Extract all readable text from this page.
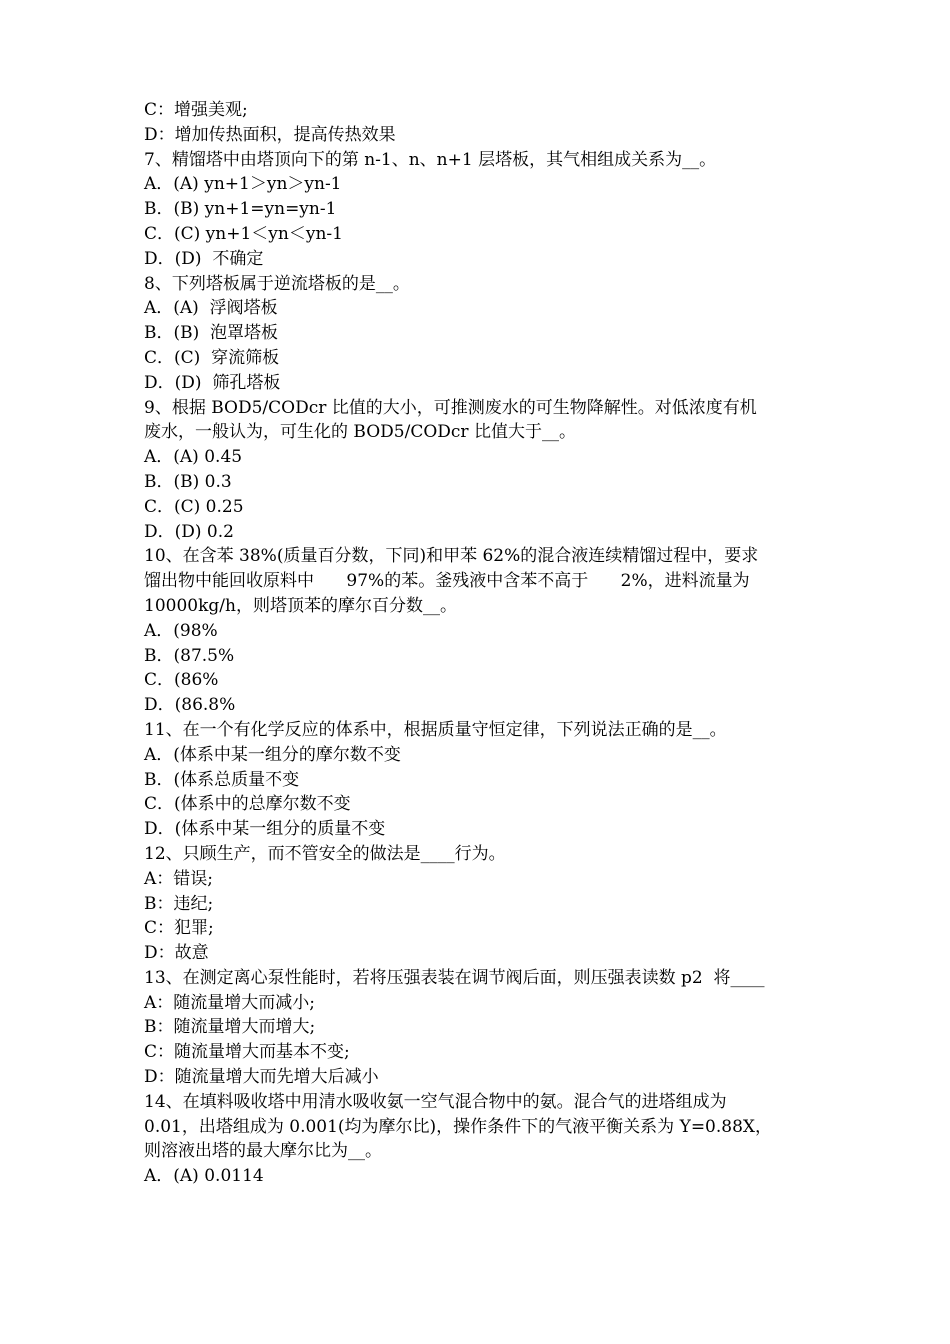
C：增强美观;
D：增加传热面积，提高传热效果
7、精馏塔中由塔顶向下的第 n-1、n、n+1 层塔板，其气相组成关系为__。
A．(A) yn+1＞yn＞yn-1
B．(B) yn+1=yn=yn-1
C．(C) yn+1＜yn＜yn-1
D．(D)  不确定
8、下列塔板属于逆流塔板的是__。
A．(A)  浮阀塔板
B．(B)  泡罩塔板
C．(C)  穿流筛板
D．(D)  筛孔塔板
9、根据 BOD5/CODcr 比值的大小，可推测废水的可生物降解性。对低浓度有机
废水，一般认为，可生化的 BOD5/CODcr 比值大于__。
A．(A) 0.45
B．(B) 0.3
C．(C) 0.25
D．(D) 0.2
10、在含苯 38%(质量百分数，下同)和甲苯 62%的混合液连续精馏过程中，要求
馏出物中能回收原料中      97%的苯。釜残液中含苯不高于      2%，进料流量为
10000kg/h，则塔顶苯的摩尔百分数__。
A．(98%
B．(87.5%
C．(86%
D．(86.8%
11、在一个有化学反应的体系中，根据质量守恒定律，下列说法正确的是__。
A．(体系中某一组分的摩尔数不变
B．(体系总质量不变
C．(体系中的总摩尔数不变
D．(体系中某一组分的质量不变
12、只顾生产，而不管安全的做法是____行为。
A：错误;
B：违纪;
C：犯罪;
D：故意
13、在测定离心泵性能时，若将压强表装在调节阀后面，则压强表读数 p2  将____
A：随流量增大而减小;
B：随流量增大而增大;
C：随流量增大而基本不变;
D：随流量增大而先增大后减小
14、在填料吸收塔中用清水吸收氨一空气混合物中的氨。混合气的进塔组成为
0.01，出塔组成为 0.001(均为摩尔比)，操作条件下的气液平衡关系为 Y=0.88X，
则溶液出塔的最大摩尔比为__。
A．(A) 0.0114
